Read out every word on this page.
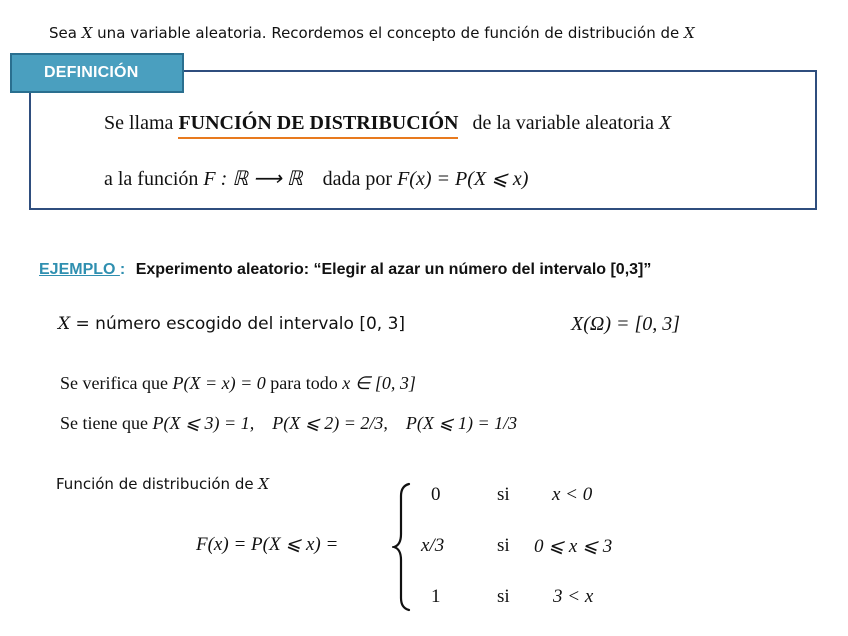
Sea X una variable aleatoria. Recordemos el concepto de función de distribución de X
DEFINICIÓN
Se llama FUNCIÓN DE DISTRIBUCIÓN de la variable aleatoria X
a la función F : ℝ ⟶ ℝ dada por F(x) = P(X ⩽ x)
EJEMPLO : Experimento aleatorio: “Elegir al azar un número del intervalo [0,3]”
X = número escogido del intervalo [0, 3]	X(Ω) = [0, 3]
Se verifica que P(X = x) = 0 para todo x ∈ [0, 3]
Se tiene que P(X ⩽ 3) = 1, P(X ⩽ 2) = 2/3, P(X ⩽ 1) = 1/3
Función de distribución de X
F(x) = P(X ⩽ x) =
0	si x < 0
x/3	si 0 ⩽ x ⩽ 3
1	si 3 < x
